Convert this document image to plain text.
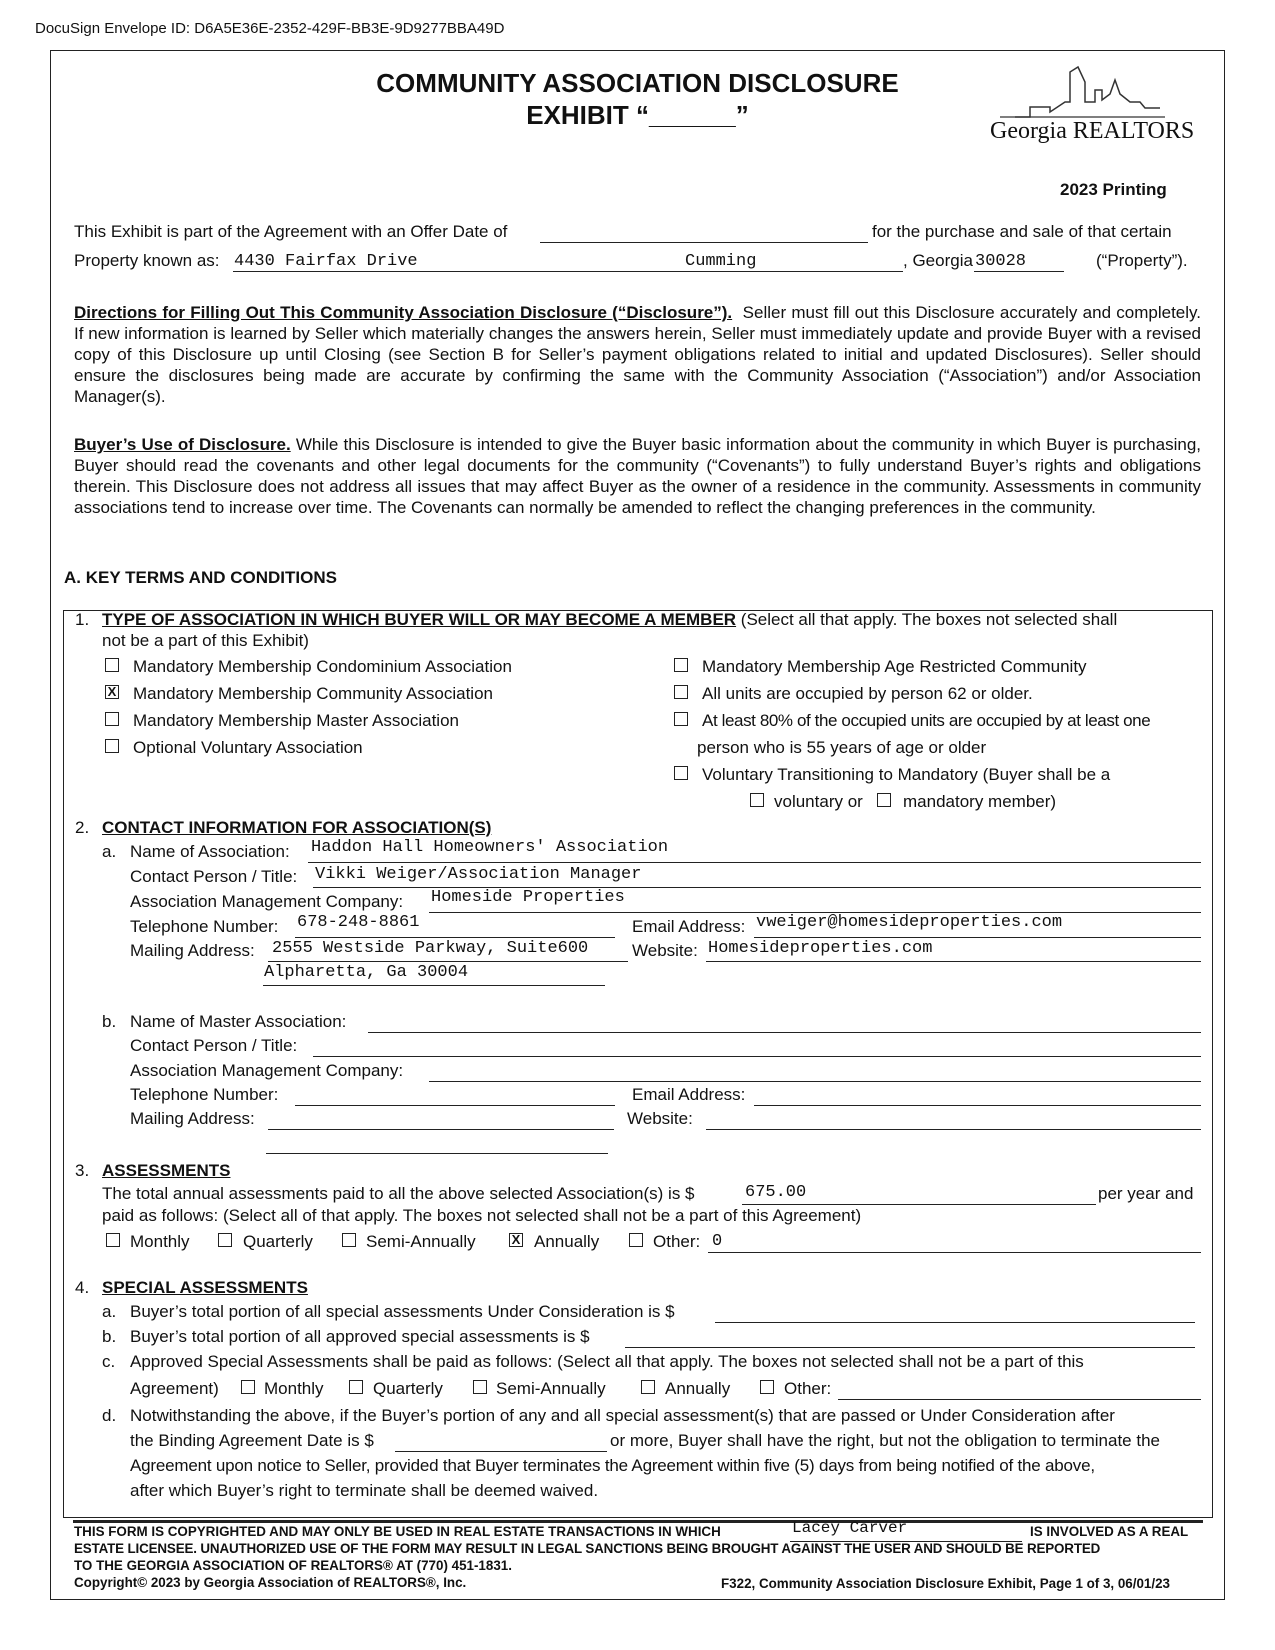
DocuSign Envelope ID: D6A5E36E-2352-429F-BB3E-9D9277BBA49D
COMMUNITY ASSOCIATION DISCLOSURE
EXHIBIT “______”
Georgia REALTORS
2023 Printing
This Exhibit is part of the Agreement with an Offer Date of	for the purchase and sale of that certain
Property known as: 4430 Fairfax Drive	Cumming	, Georgia 30028	(“Property”).
Directions for Filling Out This Community Association Disclosure (“Disclosure”). Seller must fill out this Disclosure accurately and completely. If new information is learned by Seller which materially changes the answers herein, Seller must immediately update and provide Buyer with a revised copy of this Disclosure up until Closing (see Section B for Seller’s payment obligations related to initial and updated Disclosures). Seller should ensure the disclosures being made are accurate by confirming the same with the Community Association (“Association”) and/or Association Manager(s).
Buyer’s Use of Disclosure. While this Disclosure is intended to give the Buyer basic information about the community in which Buyer is purchasing, Buyer should read the covenants and other legal documents for the community (“Covenants”) to fully understand Buyer’s rights and obligations therein. This Disclosure does not address all issues that may affect Buyer as the owner of a residence in the community. Assessments in community associations tend to increase over time. The Covenants can normally be amended to reflect the changing preferences in the community.
A. KEY TERMS AND CONDITIONS
1. TYPE OF ASSOCIATION IN WHICH BUYER WILL OR MAY BECOME A MEMBER (Select all that apply. The boxes not selected shall
not be a part of this Exhibit)
Mandatory Membership Condominium Association
X Mandatory Membership Community Association
Mandatory Membership Master Association
Optional Voluntary Association
Mandatory Membership Age Restricted Community
All units are occupied by person 62 or older.
At least 80% of the occupied units are occupied by at least one
person who is 55 years of age or older
Voluntary Transitioning to Mandatory (Buyer shall be a
voluntary or mandatory member)
2. CONTACT INFORMATION FOR ASSOCIATION(S)
a. Name of Association: Haddon Hall Homeowners' Association
Contact Person / Title: Vikki Weiger/Association Manager
Association Management Company: Homeside Properties
Telephone Number: 678-248-8861	Email Address: vweiger@homesideproperties.com
Mailing Address: 2555 Westside Parkway, Suite600	Website: Homesideproperties.com
Alpharetta, Ga 30004
b. Name of Master Association:
Contact Person / Title:
Association Management Company:
Telephone Number:	Email Address:
Mailing Address:	Website:
3. ASSESSMENTS
The total annual assessments paid to all the above selected Association(s) is $	675.00	per year and
paid as follows: (Select all of that apply. The boxes not selected shall not be a part of this Agreement)
Monthly	Quarterly	Semi-Annually	X Annually	Other: 0
4. SPECIAL ASSESSMENTS
a. Buyer’s total portion of all special assessments Under Consideration is $
b. Buyer’s total portion of all approved special assessments is $
c. Approved Special Assessments shall be paid as follows: (Select all that apply. The boxes not selected shall not be a part of this
Agreement)	Monthly	Quarterly	Semi-Annually	Annually	Other:
d. Notwithstanding the above, if the Buyer’s portion of any and all special assessment(s) that are passed or Under Consideration after
the Binding Agreement Date is $	or more, Buyer shall have the right, but not the obligation to terminate the
Agreement upon notice to Seller, provided that Buyer terminates the Agreement within five (5) days from being notified of the above,
after which Buyer’s right to terminate shall be deemed waived.
THIS FORM IS COPYRIGHTED AND MAY ONLY BE USED IN REAL ESTATE TRANSACTIONS IN WHICH	Lacey Carver	IS INVOLVED AS A REAL
ESTATE LICENSEE. UNAUTHORIZED USE OF THE FORM MAY RESULT IN LEGAL SANCTIONS BEING BROUGHT AGAINST THE USER AND SHOULD BE REPORTED
TO THE GEORGIA ASSOCIATION OF REALTORS® AT (770) 451-1831.
Copyright© 2023 by Georgia Association of REALTORS®, Inc.	F322, Community Association Disclosure Exhibit, Page 1 of 3, 06/01/23
